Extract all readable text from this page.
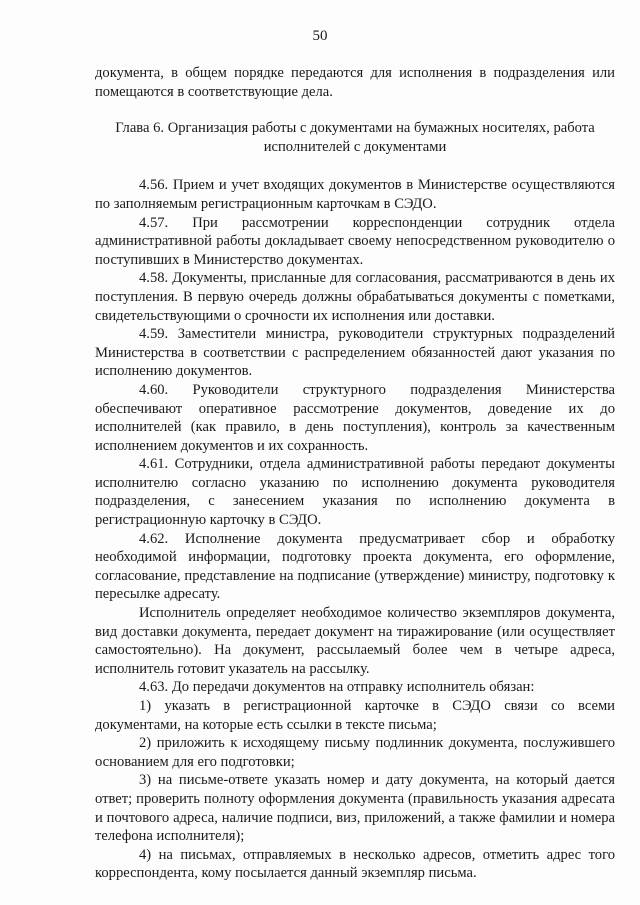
50

документа, в общем порядке передаются для исполнения в подразделения или помещаются в соответствующие дела.

Глава 6. Организация работы с документами на бумажных носителях, работа исполнителей с документами

4.56. Прием и учет входящих документов в Министерстве осуществляются по заполняемым регистрационным карточкам в СЭДО.

4.57. При рассмотрении корреспонденции сотрудник отдела административной работы докладывает своему непосредственном руководителю о поступивших в Министерство документах.

4.58. Документы, присланные для согласования, рассматриваются в день их поступления. В первую очередь должны обрабатываться документы с пометками, свидетельствующими о срочности их исполнения или доставки.

4.59. Заместители министра, руководители структурных подразделений Министерства в соответствии с распределением обязанностей дают указания по исполнению документов.

4.60. Руководители структурного подразделения Министерства обеспечивают оперативное рассмотрение документов, доведение их до исполнителей (как правило, в день поступления), контроль за качественным исполнением документов и их сохранность.

4.61. Сотрудники, отдела административной работы передают документы исполнителю согласно указанию по исполнению документа руководителя подразделения, с занесением указания по исполнению документа в регистрационную карточку в СЭДО.

4.62. Исполнение документа предусматривает сбор и обработку необходимой информации, подготовку проекта документа, его оформление, согласование, представление на подписание (утверждение) министру, подготовку к пересылке адресату.

Исполнитель определяет необходимое количество экземпляров документа, вид доставки документа, передает документ на тиражирование (или осуществляет самостоятельно). На документ, рассылаемый более чем в четыре адреса, исполнитель готовит указатель на рассылку.

4.63. До передачи документов на отправку исполнитель обязан:

1) указать в регистрационной карточке в СЭДО связи со всеми документами, на которые есть ссылки в тексте письма;

2) приложить к исходящему письму подлинник документа, послужившего основанием для его подготовки;

3) на письме-ответе указать номер и дату документа, на который дается ответ; проверить полноту оформления документа (правильность указания адресата и почтового адреса, наличие подписи, виз, приложений, а также фамилии и номера телефона исполнителя);

4) на письмах, отправляемых в несколько адресов, отметить адрес того корреспондента, кому посылается данный экземпляр письма.
